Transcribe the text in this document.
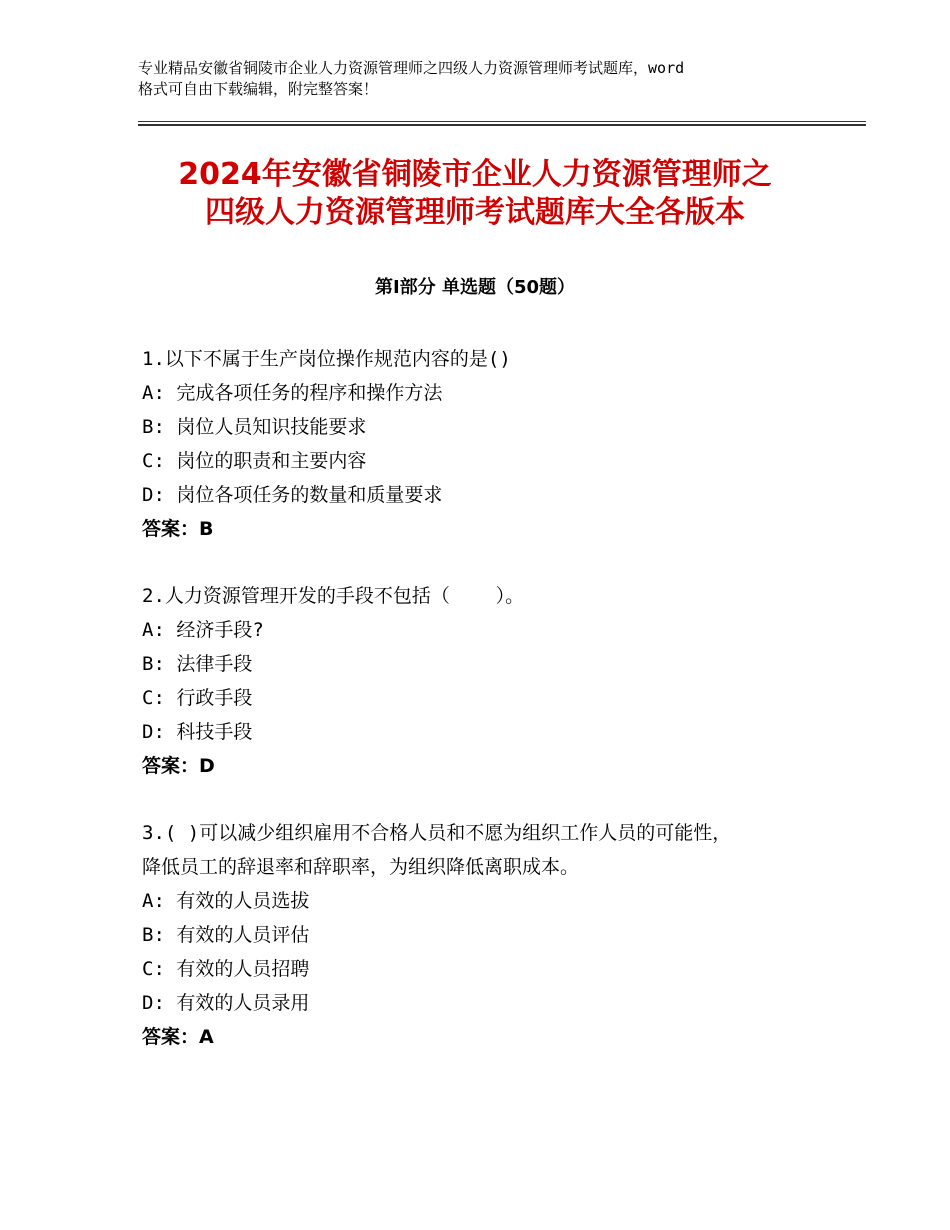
专业精品安徽省铜陵市企业人力资源管理师之四级人力资源管理师考试题库，word
格式可自由下载编辑，附完整答案！
2024年安徽省铜陵市企业人力资源管理师之
四级人力资源管理师考试题库大全各版本
第Ⅰ部分 单选题（50题）
1.以下不属于生产岗位操作规范内容的是()
A: 完成各项任务的程序和操作方法
B: 岗位人员知识技能要求
C: 岗位的职责和主要内容
D: 岗位各项任务的数量和质量要求
答案：B
2.人力资源管理开发的手段不包括（    ）。
A: 经济手段?
B: 法律手段
C: 行政手段
D: 科技手段
答案：D
3.( )可以减少组织雇用不合格人员和不愿为组织工作人员的可能性，
降低员工的辞退率和辞职率，为组织降低离职成本。
A: 有效的人员选拔
B: 有效的人员评估
C: 有效的人员招聘
D: 有效的人员录用
答案：A
